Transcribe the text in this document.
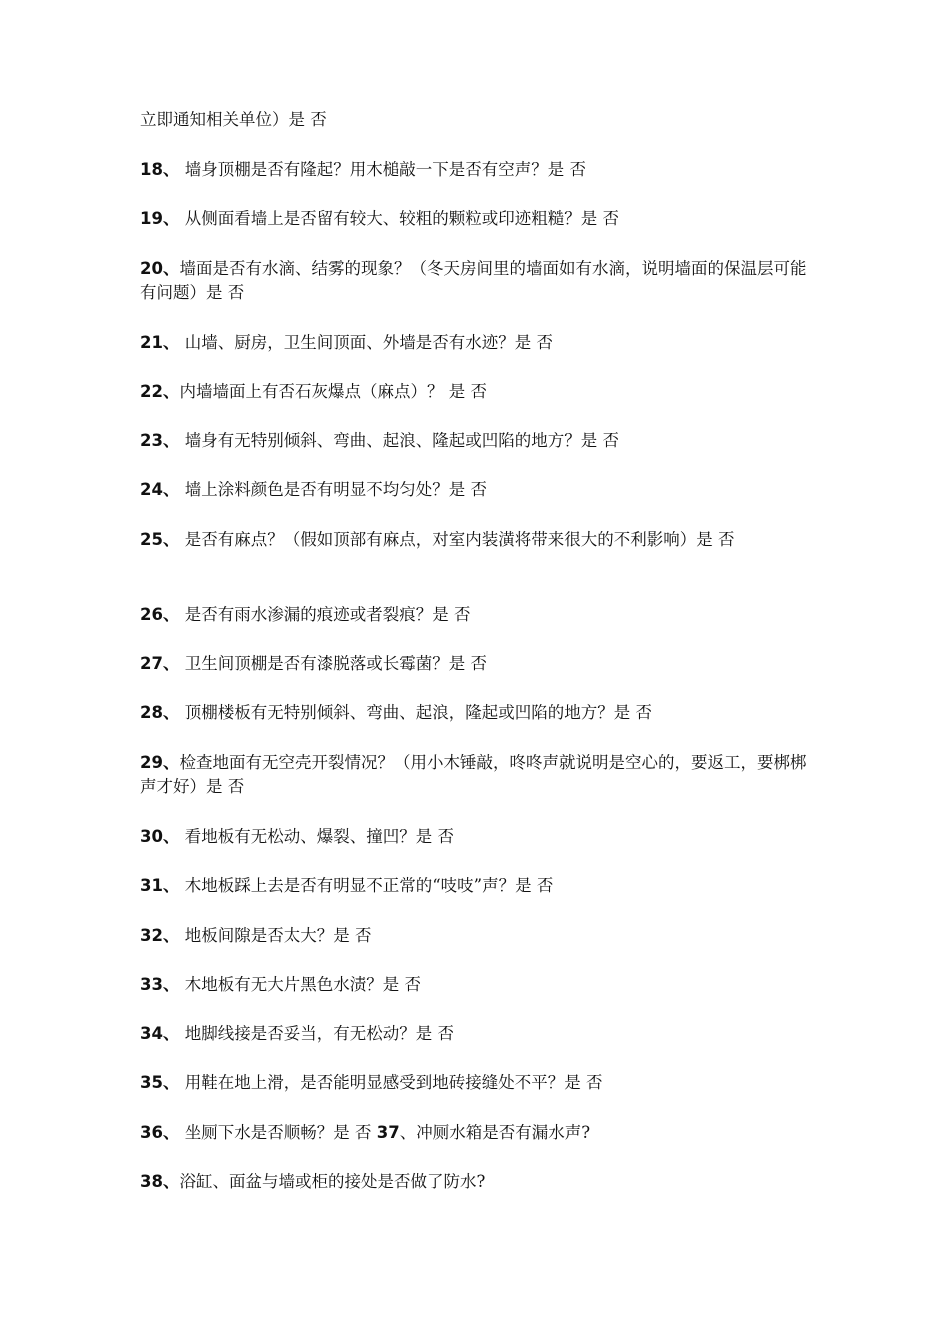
立即通知相关单位）是 否
18、 墙身顶棚是否有隆起？用木槌敲一下是否有空声？是 否
19、 从侧面看墙上是否留有较大、较粗的颗粒或印迹粗糙？是 否
20、墙面是否有水滴、结雾的现象？（冬天房间里的墙面如有水滴，说明墙面的保温层可能有问题）是 否
21、 山墙、厨房，卫生间顶面、外墙是否有水迹？是 否
22、内墙墙面上有否石灰爆点（麻点）？ 是 否
23、 墙身有无特别倾斜、弯曲、起浪、隆起或凹陷的地方？是 否
24、 墙上涂料颜色是否有明显不均匀处？是 否
25、 是否有麻点？（假如顶部有麻点，对室内装潢将带来很大的不利影响）是 否
26、 是否有雨水渗漏的痕迹或者裂痕？是 否
27、 卫生间顶棚是否有漆脱落或长霉菌？是 否
28、 顶棚楼板有无特别倾斜、弯曲、起浪，隆起或凹陷的地方？是 否
29、检查地面有无空壳开裂情况？（用小木锤敲，咚咚声就说明是空心的，要返工，要梆梆声才好）是 否
30、 看地板有无松动、爆裂、撞凹？是 否
31、 木地板踩上去是否有明显不正常的“吱吱”声？是 否
32、 地板间隙是否太大？是 否
33、 木地板有无大片黑色水渍？是 否
34、 地脚线接是否妥当，有无松动？是 否
35、 用鞋在地上滑，是否能明显感受到地砖接缝处不平？是 否
36、 坐厕下水是否顺畅？是 否 37、冲厕水箱是否有漏水声?
38、浴缸、面盆与墙或柜的接处是否做了防水?
